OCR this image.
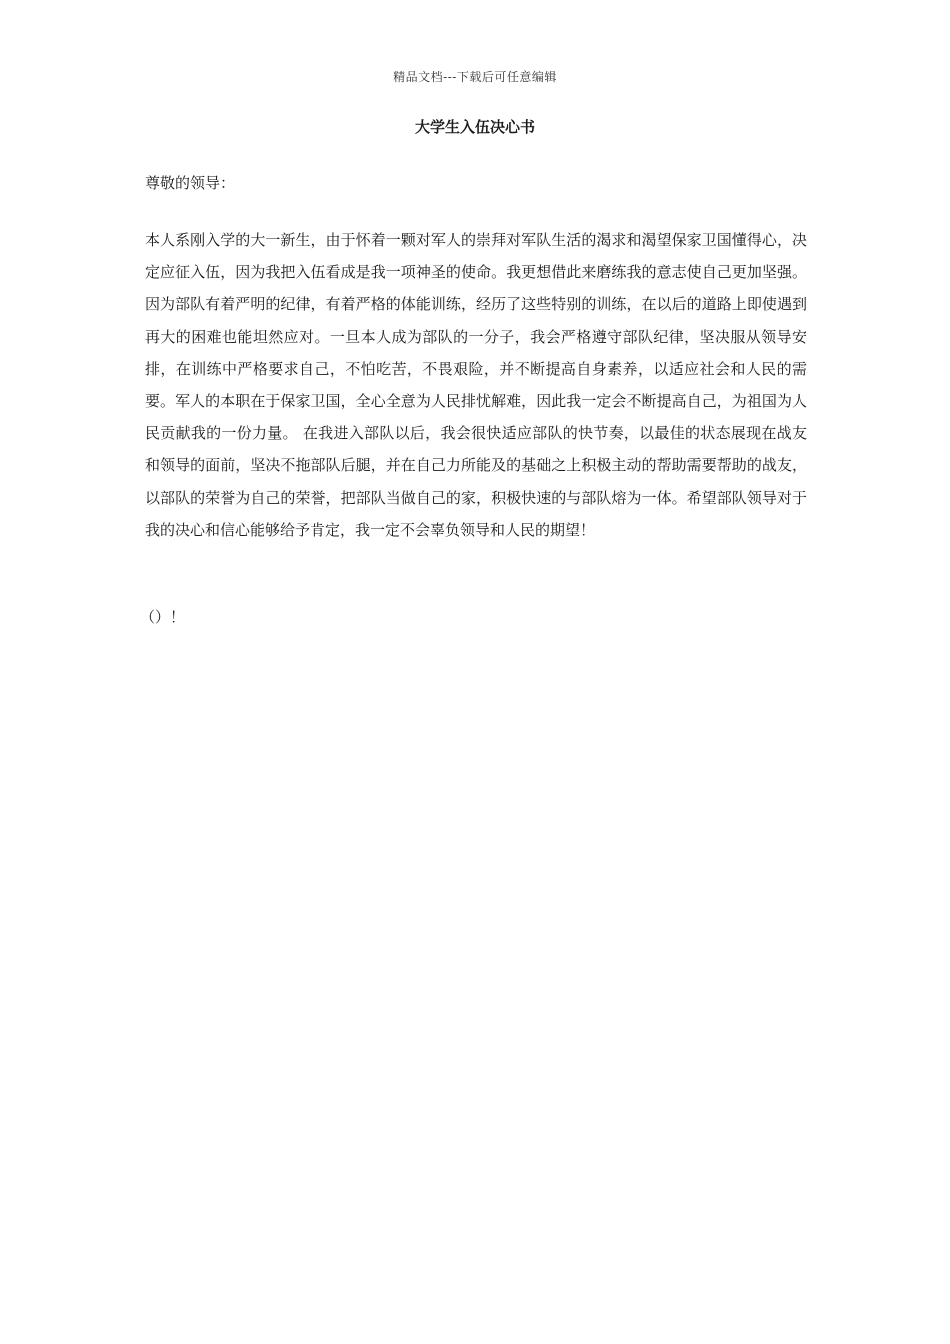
精品文档---下载后可任意编辑
大学生入伍决心书
尊敬的领导：
本人系刚入学的大一新生，由于怀着一颗对军人的崇拜对军队生活的渴求和渴望保家卫国懂得心，决定应征入伍，因为我把入伍看成是我一项神圣的使命。我更想借此来磨练我的意志使自己更加坚强。因为部队有着严明的纪律，有着严格的体能训练，经历了这些特别的训练，在以后的道路上即使遇到再大的困难也能坦然应对。一旦本人成为部队的一分子，我会严格遵守部队纪律，坚决服从领导安排，在训练中严格要求自己，不怕吃苦，不畏艰险，并不断提高自身素养，以适应社会和人民的需要。军人的本职在于保家卫国，全心全意为人民排忧解难，因此我一定会不断提高自己，为祖国为人民贡献我的一份力量。 在我进入部队以后，我会很快适应部队的快节奏，以最佳的状态展现在战友和领导的面前，坚决不拖部队后腿，并在自己力所能及的基础之上积极主动的帮助需要帮助的战友，以部队的荣誉为自己的荣誉，把部队当做自己的家，积极快速的与部队熔为一体。希望部队领导对于我的决心和信心能够给予肯定，我一定不会辜负领导和人民的期望！
（）！
